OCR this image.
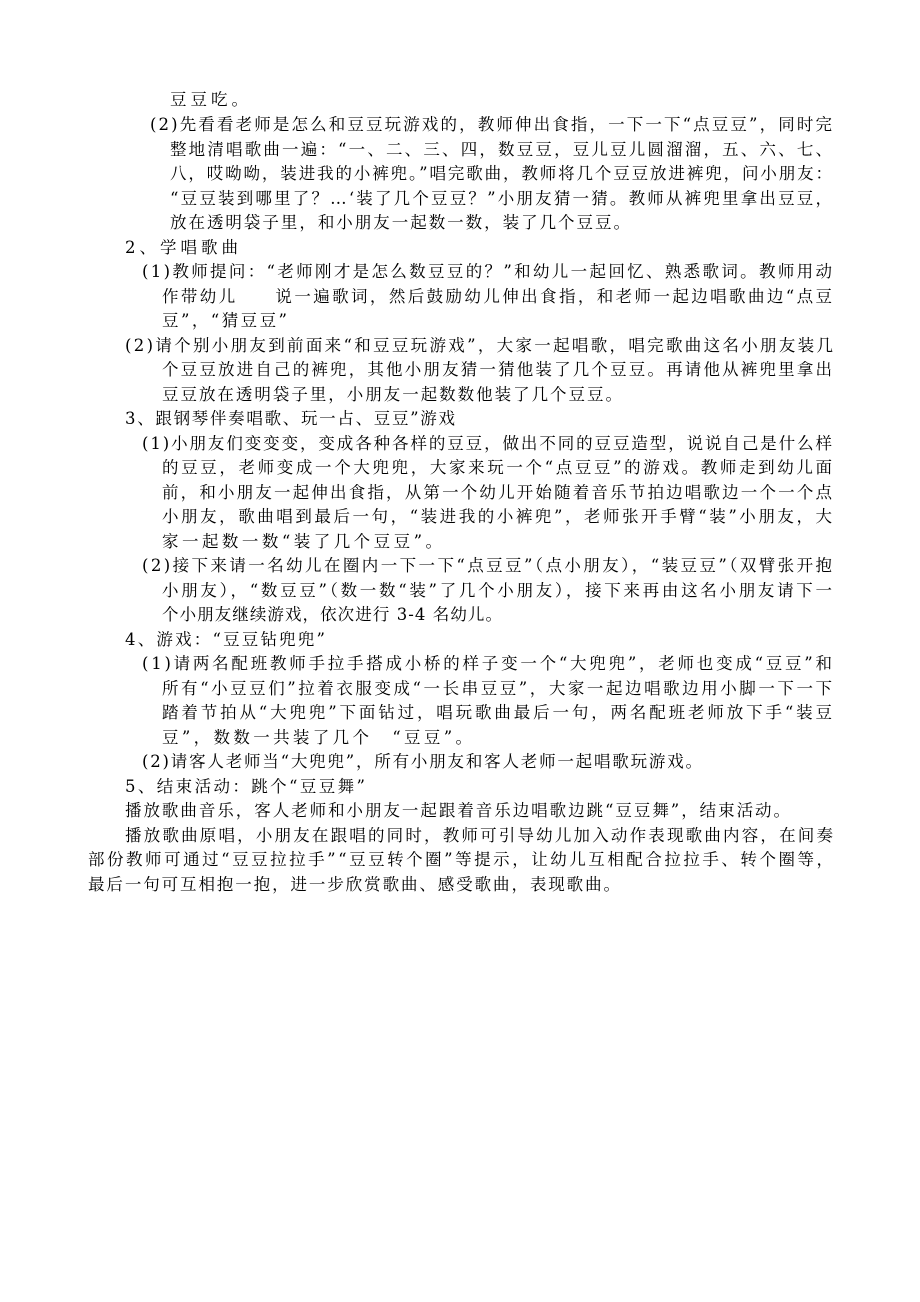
豆豆吃。
(2)先看看老师是怎么和豆豆玩游戏的，教师伸出食指，一下一下“点豆豆”，同时完
整地清唱歌曲一遍：“一、二、三、四，数豆豆，豆儿豆儿圆溜溜，五、六、七、
八，哎呦呦，装进我的小裤兜。”唱完歌曲，教师将几个豆豆放进裤兜，问小朋友：
“豆豆装到哪里了？…‘装了几个豆豆？”小朋友猜一猜。教师从裤兜里拿出豆豆，
放在透明袋子里，和小朋友一起数一数，装了几个豆豆。
2、学唱歌曲
(1)教师提问：“老师刚才是怎么数豆豆的？”和幼儿一起回忆、熟悉歌词。教师用动
作带幼儿　　说一遍歌词，然后鼓励幼儿伸出食指，和老师一起边唱歌曲边“点豆
豆”，“猜豆豆”
(2)请个别小朋友到前面来“和豆豆玩游戏”，大家一起唱歌，唱完歌曲这名小朋友装几
个豆豆放进自己的裤兜，其他小朋友猜一猜他装了几个豆豆。再请他从裤兜里拿出
豆豆放在透明袋子里，小朋友一起数数他装了几个豆豆。
3、跟钢琴伴奏唱歌、玩一占、豆豆”游戏
(1)小朋友们变变变，变成各种各样的豆豆，做出不同的豆豆造型，说说自己是什么样
的豆豆，老师变成一个大兜兜，大家来玩一个“点豆豆”的游戏。教师走到幼儿面
前，和小朋友一起伸出食指，从第一个幼儿开始随着音乐节拍边唱歌边一个一个点
小朋友，歌曲唱到最后一句，“装进我的小裤兜”，老师张开手臂“装”小朋友，大
家一起数一数“装了几个豆豆”。
(2)接下来请一名幼儿在圈内一下一下“点豆豆”（点小朋友），“装豆豆”（双臂张开抱
小朋友），“数豆豆”（数一数“装”了几个小朋友），接下来再由这名小朋友请下一
个小朋友继续游戏，依次进行 3-4 名幼儿。
4、游戏：“豆豆钻兜兜”
(1)请两名配班教师手拉手搭成小桥的样子变一个“大兜兜”，老师也变成“豆豆”和
所有“小豆豆们”拉着衣服变成“一长串豆豆”，大家一起边唱歌边用小脚一下一下
踏着节拍从“大兜兜”下面钻过，唱玩歌曲最后一句，两名配班老师放下手“装豆
豆”，数数一共装了几个　“豆豆”。
(2)请客人老师当“大兜兜”，所有小朋友和客人老师一起唱歌玩游戏。
5、结束活动：跳个“豆豆舞”
播放歌曲音乐，客人老师和小朋友一起跟着音乐边唱歌边跳“豆豆舞”，结束活动。
播放歌曲原唱，小朋友在跟唱的同时，教师可引导幼儿加入动作表现歌曲内容，在间奏
部份教师可通过“豆豆拉拉手”“豆豆转个圈”等提示，让幼儿互相配合拉拉手、转个圈等，
最后一句可互相抱一抱，进一步欣赏歌曲、感受歌曲，表现歌曲。
